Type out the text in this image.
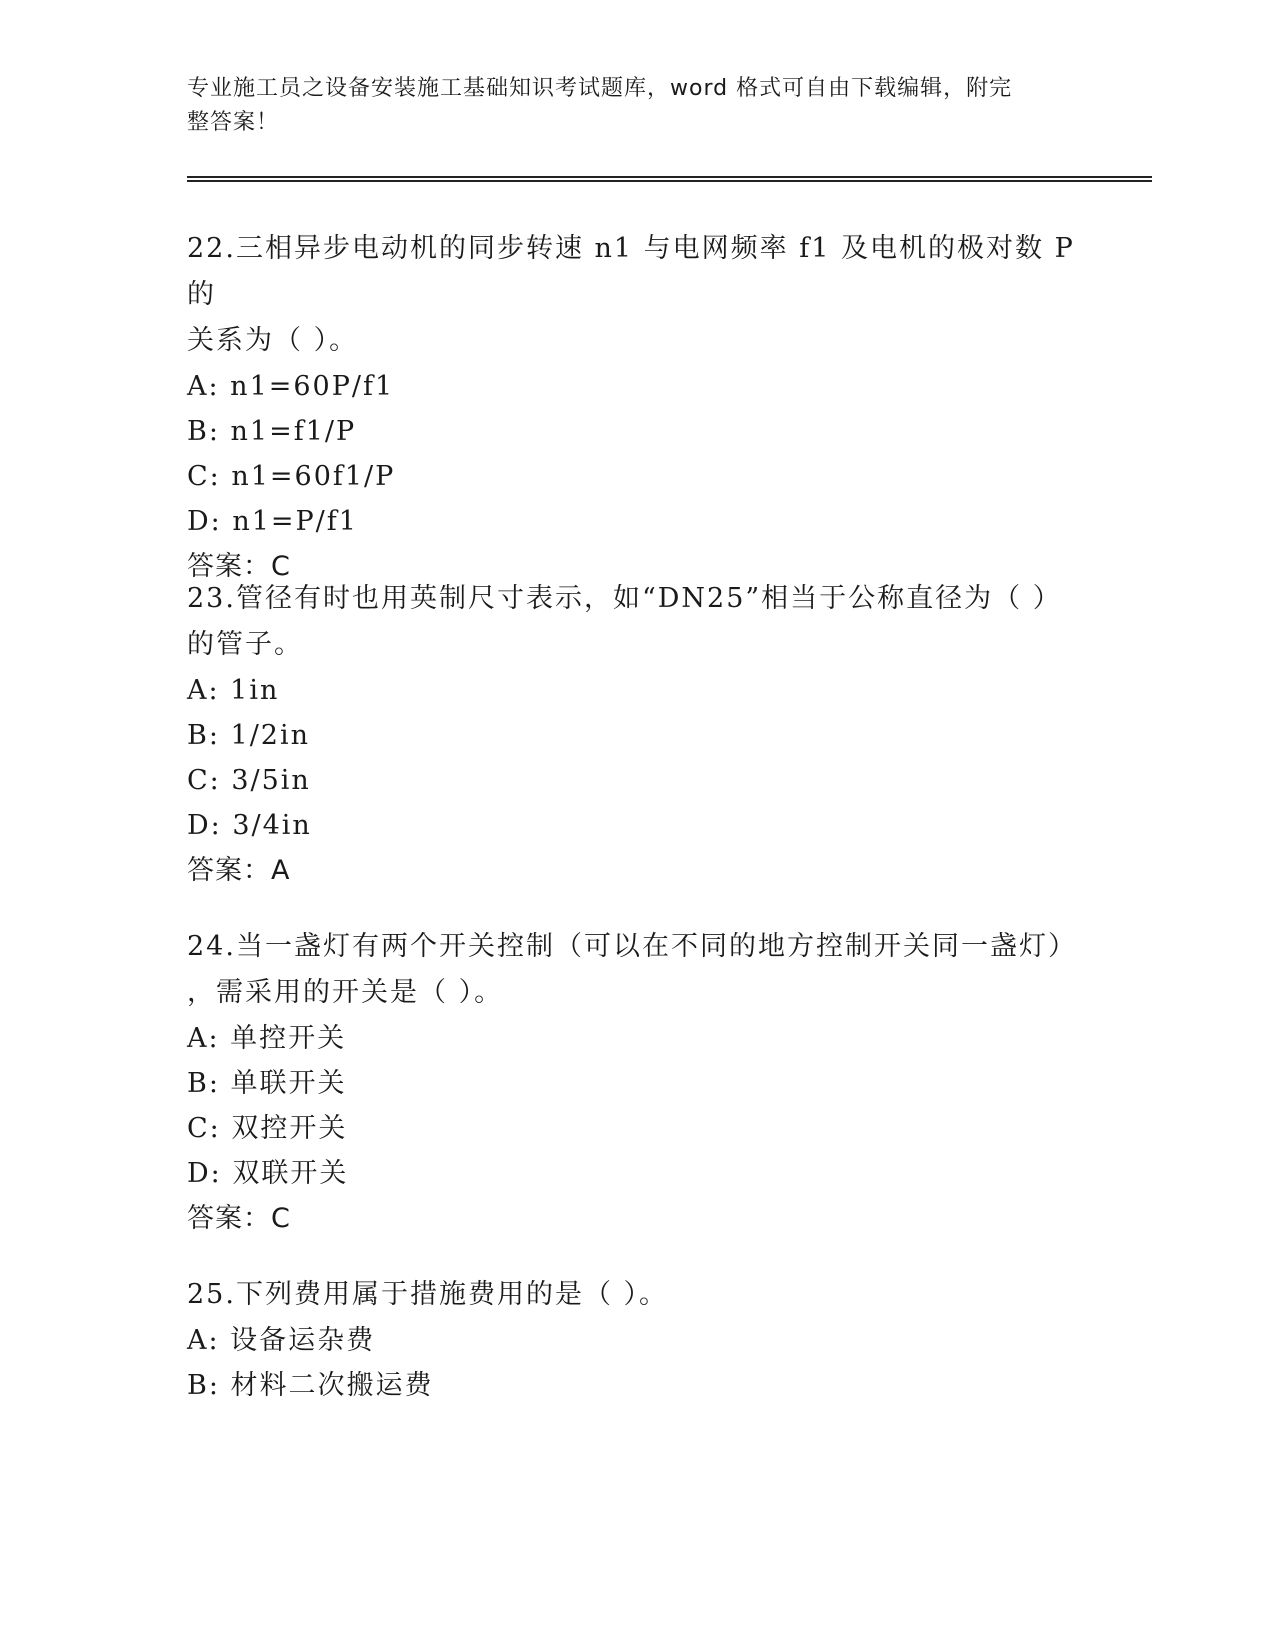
专业施工员之设备安装施工基础知识考试题库，word 格式可自由下载编辑，附完
整答案！

22.三相异步电动机的同步转速 n1 与电网频率 f1 及电机的极对数 P 的

关系为（ ）。

A: n1=60P/f1

B: n1=f1/P

C: n1=60f1/P

D: n1=P/f1

答案：C

23.管径有时也用英制尺寸表示，如“DN25”相当于公称直径为（ ）

的管子。

A: 1in

B: 1/2in

C: 3/5in

D: 3/4in

答案：A

24.当一盏灯有两个开关控制（可以在不同的地方控制开关同一盏灯）

，需采用的开关是（ ）。

A: 单控开关

B: 单联开关

C: 双控开关

D: 双联开关

答案：C

25.下列费用属于措施费用的是（ ）。

A: 设备运杂费

B: 材料二次搬运费
